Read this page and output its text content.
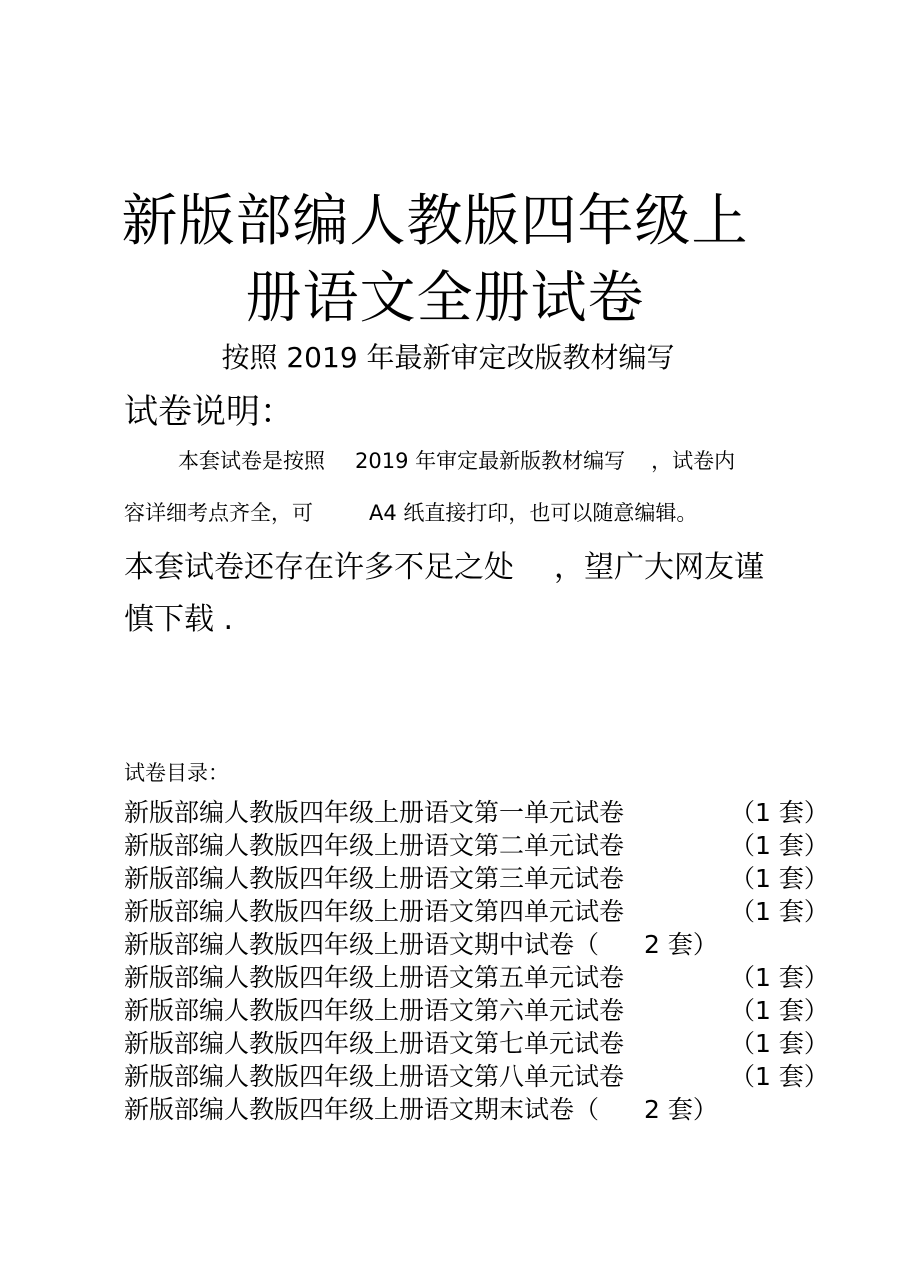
新版部编人教版四年级上
册语文全册试卷
按照 2019 年最新审定改版教材编写
试卷说明：
本套试卷是按照 2019 年审定最新版教材编写 ，试卷内
容详细考点齐全，可	A4 纸直接打印，也可以随意编辑。
本套试卷还存在许多不足之处 ，望广大网友谨
慎下载 .
试卷目录：
新版部编人教版四年级上册语文第一单元试卷	（1 套）
新版部编人教版四年级上册语文第二单元试卷	（1 套）
新版部编人教版四年级上册语文第三单元试卷	（1 套）
新版部编人教版四年级上册语文第四单元试卷	（1 套）
新版部编人教版四年级上册语文期中试卷（ 2 套）
新版部编人教版四年级上册语文第五单元试卷	（1 套）
新版部编人教版四年级上册语文第六单元试卷	（1 套）
新版部编人教版四年级上册语文第七单元试卷	（1 套）
新版部编人教版四年级上册语文第八单元试卷	（1 套）
新版部编人教版四年级上册语文期末试卷（ 2 套）
